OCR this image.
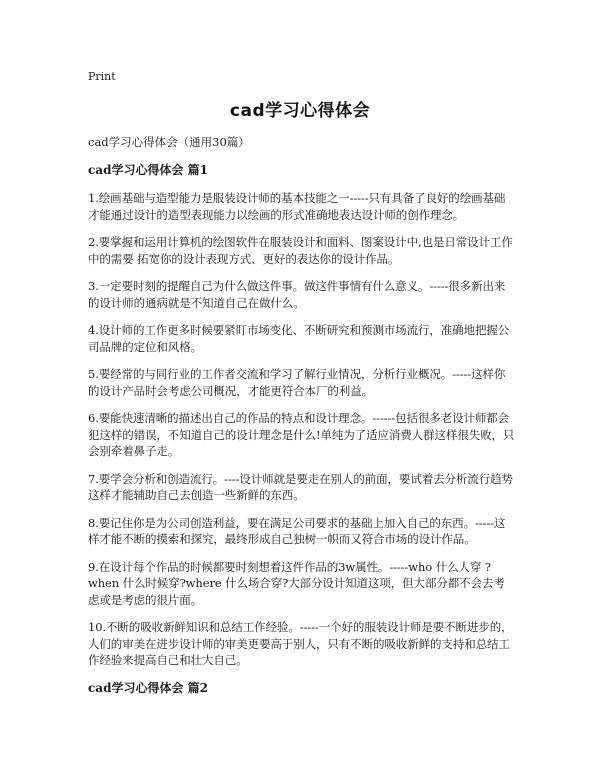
Print
cad学习心得体会
cad学习心得体会（通用30篇）
cad学习心得体会 篇1

1.绘画基础与造型能力是服装设计师的基本技能之一-----只有具备了良好的绘画基础才能通过设计的造型表现能力以绘画的形式准确地表达设计师的创作理念。

2.要掌握和运用计算机的绘图软件在服装设计和面料、图案设计中,也是日常设计工作中的需要 拓宽你的设计表现方式、更好的表达你的设计作品。

3.一定要时刻的提醒自己为什么做这件事。做这件事情有什么意义。-----很多新出来的设计师的通病就是不知道自己在做什么。

4.设计师的工作更多时候要紧盯市场变化、不断研究和预测市场流行，准确地把握公司品牌的定位和风格。

5.要经常的与同行业的工作者交流和学习了解行业情况，分析行业概况。-----这样你的设计产品时会考虑公司概况，才能更符合本厂的利益。

6.要能快速清晰的描述出自己的作品的特点和设计理念。------包括很多老设计师都会犯这样的错误，不知道自己的设计理念是什么!单纯为了适应消费人群这样很失败，只会别牵着鼻子走。

7.要学会分析和创造流行。----设计师就是要走在别人的前面，要试着去分析流行趋势这样才能辅助自己去创造一些新鲜的东西。

8.要记住你是为公司创造利益，要在满足公司要求的基础上加入自己的东西。-----这样才能不断的摸索和探究，最终形成自己独树一帜而又符合市场的设计作品。

9.在设计每个作品的时候都要时刻想着这件作品的3w属性。-----who 什么人穿 ?when 什么时候穿?where 什么场合穿?大部分设计知道这项，但大部分都不会去考虑或是考虑的很片面。

10.不断的吸收新鲜知识和总结工作经验。-----一个好的服装设计师是要不断进步的，人们的审美在进步设计师的审美更要高于别人，只有不断的吸收新鲜的支持和总结工作经验来提高自己和壮大自己。

cad学习心得体会 篇2
